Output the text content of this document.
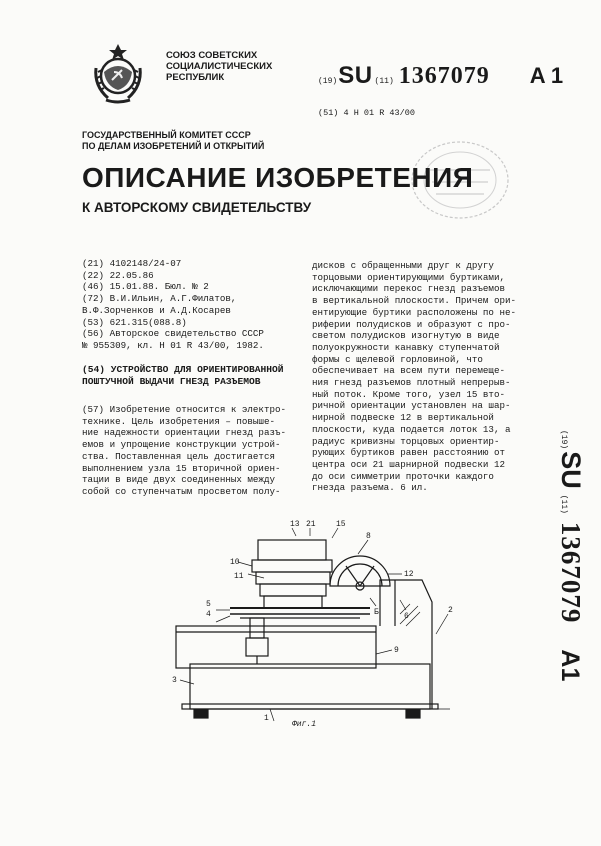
СОЮЗ СОВЕТСКИХ
СОЦИАЛИСТИЧЕСКИХ
РЕСПУБЛИК	(19) SU (11) 1367079 A 1
(51) 4 Н 01 R 43/00
ГОСУДАРСТВЕННЫЙ КОМИТЕТ СССР
ПО ДЕЛАМ ИЗОБРЕТЕНИЙ И ОТКРЫТИЙ
ОПИСАНИЕ ИЗОБРЕТЕНИЯ
К АВТОРСКОМУ СВИДЕТЕЛЬСТВУ
(21) 4102148/24-07
(22) 22.05.86
(46) 15.01.88. Бюл. № 2
(72) В.И.Ильин, А.Г.Филатов,
В.Ф.Зорченков и А.Д.Косарев
(53) 621.315(088.8)
(56) Авторское свидетельство СССР
№ 955309, кл. Н 01 R 43/00, 1982.
(54) УСТРОЙСТВО ДЛЯ ОРИЕНТИРОВАННОЙ
ПОШТУЧНОЙ ВЫДАЧИ ГНЕЗД РАЗЪЕМОВ
(57) Изобретение относится к электро-
технике. Цель изобретения – повыше-
ние надежности ориентации гнезд разъ-
емов и упрощение конструкции устрой-
ства. Поставленная цель достигается
выполнением узла 15 вторичной ориен-
тации в виде двух соединенных между
собой со ступенчатым просветом полу-
дисков с обращенными друг к другу
торцовыми ориентирующими буртиками,
исключающими перекос гнезд разъемов
в вертикальной плоскости. Причем ори-
ентирующие буртики расположены по не-
риферии полудисков и образуют с про-
светом полудисков изогнутую в виде
полуокружности канавку ступенчатой
формы с щелевой горловиной, что
обеспечивает на всем пути перемеще-
ния гнезд разъемов плотный непрерыв-
ный поток. Кроме того, узел 15 вто-
ричной ориентации установлен на шар-
нирной подвеске 12 в вертикальной
плоскости, куда подается лоток 13, а
радиус кривизны торцовых ориентир-
рующих буртиков равен расстоянию от
центра оси 21 шарнирной подвески 12
до оси симметрии проточки каждого
гнезда разъема. 6 ил.
(19)
SU
(11)
1367079
A1
13 21	15
8
10
11	12
Б
5
4	6
2
3
9
1
Фиг.1
